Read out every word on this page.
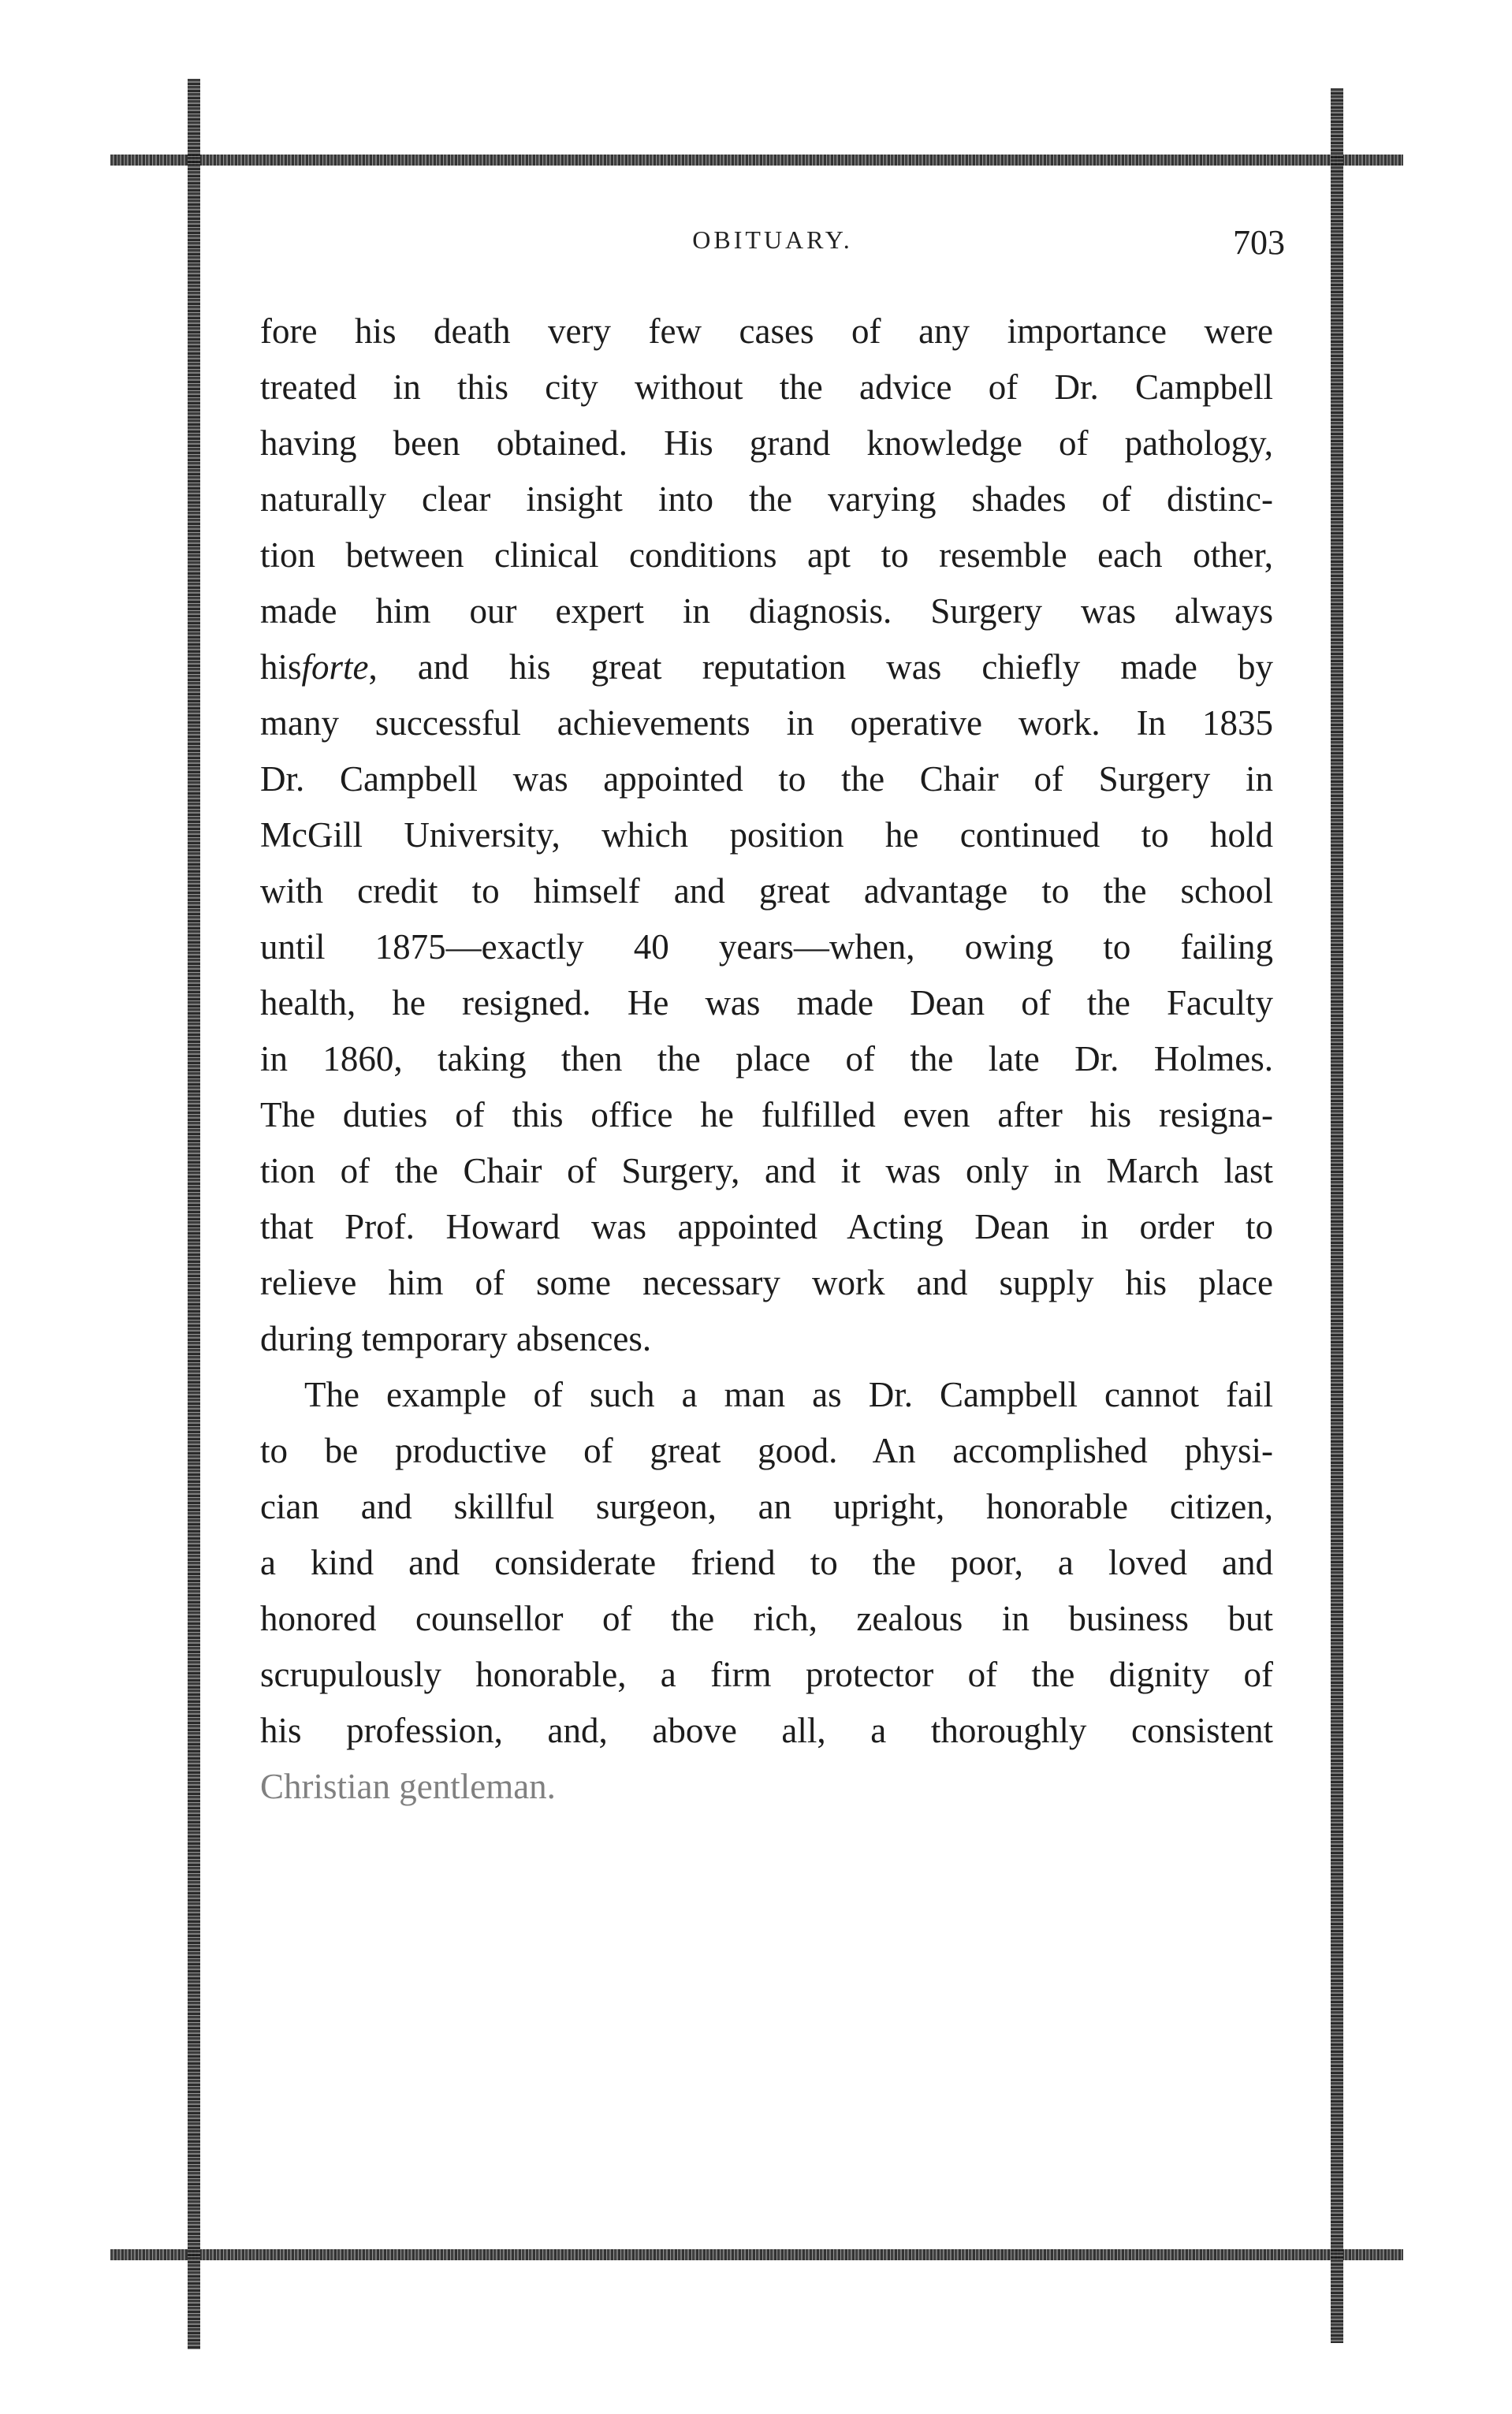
OBITUARY.	703
fore his death very few cases of any importance were
treated in this city without the advice of Dr. Campbell
having been obtained. His grand knowledge of pathology,
naturally clear insight into the varying shades of distinc-
tion between clinical conditions apt to resemble each other,
made him our expert in diagnosis. Surgery was always
hisforte, and his great reputation was chiefly made by
many successful achievements in operative work. In 1835
Dr. Campbell was appointed to the Chair of Surgery in
McGill University, which position he continued to hold
with credit to himself and great advantage to the school
until 1875—exactly 40 years—when, owing to failing
health, he resigned. He was made Dean of the Faculty
in 1860, taking then the place of the late Dr. Holmes.
The duties of this office he fulfilled even after his resigna-
tion of the Chair of Surgery, and it was only in March last
that Prof. Howard was appointed Acting Dean in order to
relieve him of some necessary work and supply his place
during temporary absences.
The example of such a man as Dr. Campbell cannot fail
to be productive of great good. An accomplished physi-
cian and skillful surgeon, an upright, honorable citizen,
a kind and considerate friend to the poor, a loved and
honored counsellor of the rich, zealous in business but
scrupulously honorable, a firm protector of the dignity of
his profession, and, above all, a thoroughly consistent
Christian gentleman.
